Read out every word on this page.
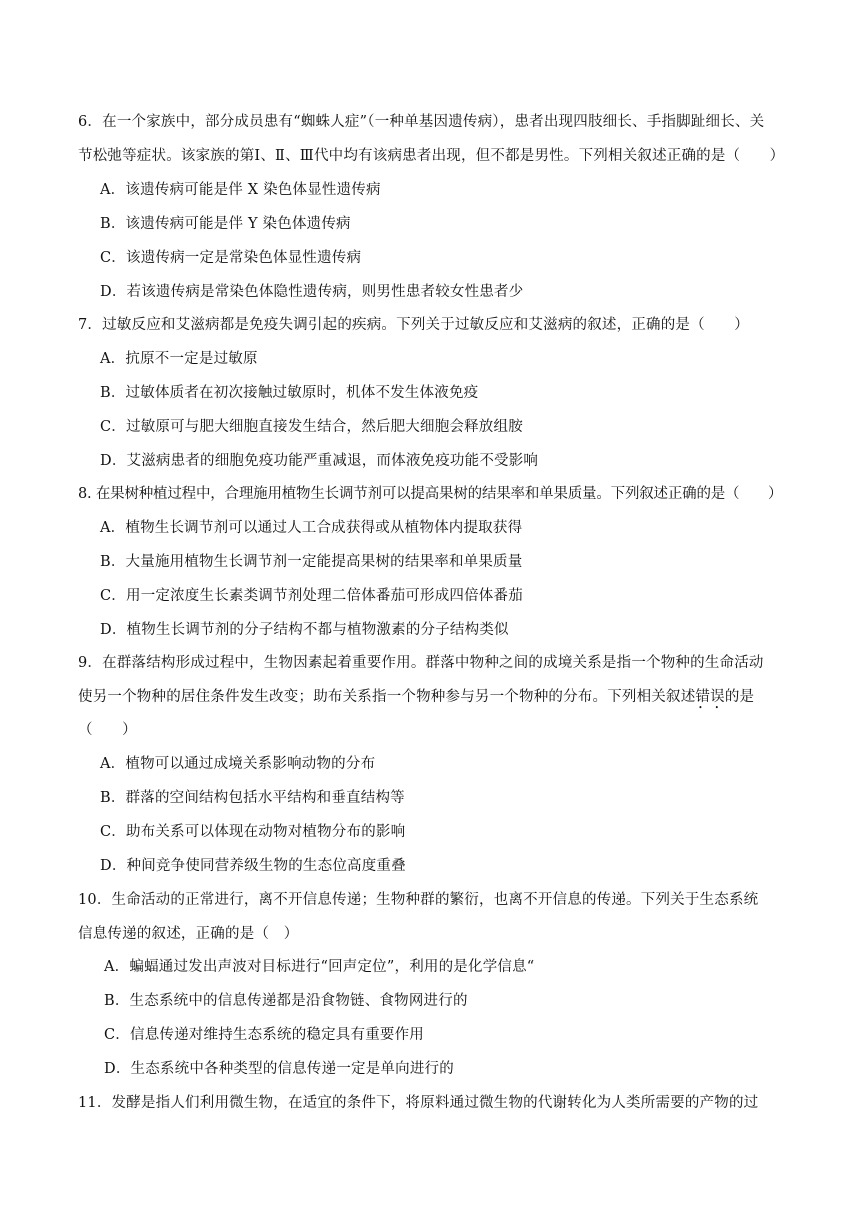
6．在一个家族中，部分成员患有“蜘蛛人症”（一种单基因遗传病），患者出现四肢细长、手指脚趾细长、关
节松弛等症状。该家族的第Ⅰ、Ⅱ、Ⅲ代中均有该病患者出现，但不都是男性。下列相关叙述正确的是（　　）
A．该遗传病可能是伴 X 染色体显性遗传病
B．该遗传病可能是伴 Y 染色体遗传病
C．该遗传病一定是常染色体显性遗传病
D．若该遗传病是常染色体隐性遗传病，则男性患者较女性患者少
7．过敏反应和艾滋病都是免疫失调引起的疾病。下列关于过敏反应和艾滋病的叙述，正确的是（　　）
A．抗原不一定是过敏原
B．过敏体质者在初次接触过敏原时，机体不发生体液免疫
C．过敏原可与肥大细胞直接发生结合，然后肥大细胞会释放组胺
D．艾滋病患者的细胞免疫功能严重减退，而体液免疫功能不受影响
8. 在果树种植过程中，合理施用植物生长调节剂可以提高果树的结果率和单果质量。下列叙述正确的是（　　）
A．植物生长调节剂可以通过人工合成获得或从植物体内提取获得
B．大量施用植物生长调节剂一定能提高果树的结果率和单果质量
C．用一定浓度生长素类调节剂处理二倍体番茄可形成四倍体番茄
D．植物生长调节剂的分子结构不都与植物激素的分子结构类似
9．在群落结构形成过程中，生物因素起着重要作用。群落中物种之间的成境关系是指一个物种的生命活动
使另一个物种的居住条件发生改变；助布关系指一个物种参与另一个物种的分布。下列相关叙述错误 • •的是
（　　）
A．植物可以通过成境关系影响动物的分布
B．群落的空间结构包括水平结构和垂直结构等
C．助布关系可以体现在动物对植物分布的影响
D．种间竞争使同营养级生物的生态位高度重叠
10．生命活动的正常进行，离不开信息传递；生物种群的繁衍，也离不开信息的传递。下列关于生态系统
信息传递的叙述，正确的是（　）
A．蝙蝠通过发出声波对目标进行“回声定位”，利用的是化学信息“
B．生态系统中的信息传递都是沿食物链、食物网进行的
C．信息传递对维持生态系统的稳定具有重要作用
D．生态系统中各种类型的信息传递一定是单向进行的
11．发酵是指人们利用微生物，在适宜的条件下，将原料通过微生物的代谢转化为人类所需要的产物的过
